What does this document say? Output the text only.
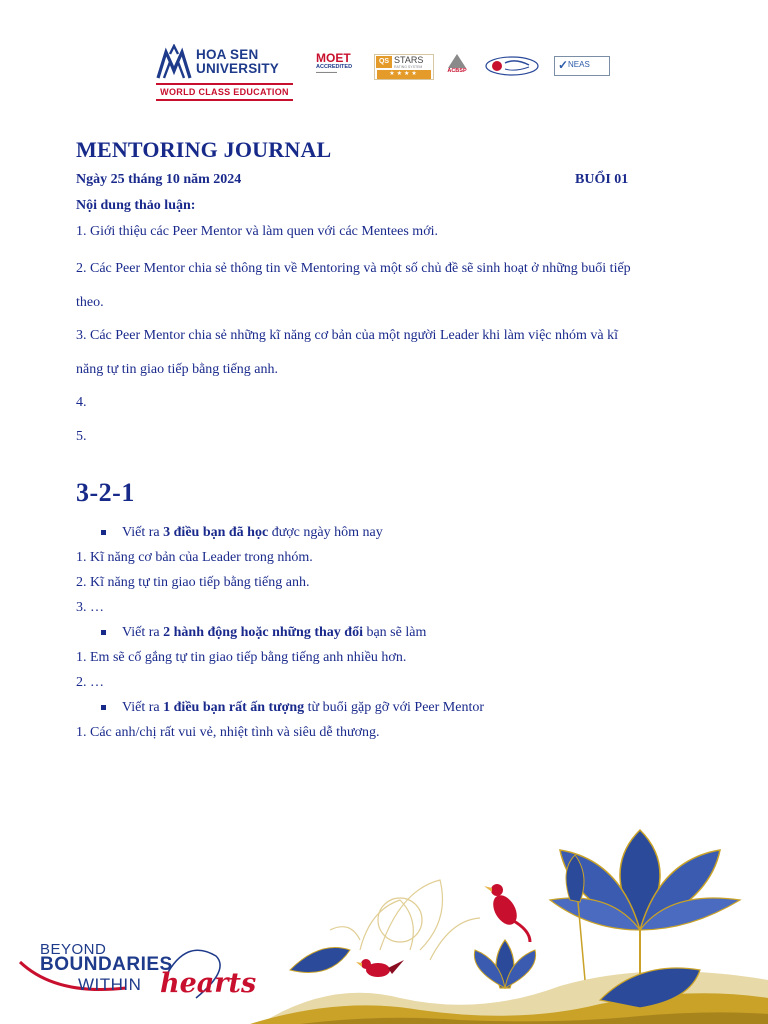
HOA SEN
UNIVERSITY
WORLD CLASS EDUCATION
MOET
ACCREDITED
▬▬▬▬▬▬
QS STARS
RATING SYSTEM
★★★★	ACBSP	✓ NEAS
MENTORING JOURNAL
Ngày 25 tháng 10 năm 2024	BUỔI 01
Nội dung thảo luận:
1. Giới thiệu các Peer Mentor và làm quen với các Mentees mới.
2. Các Peer Mentor chia sẻ thông tin về Mentoring và một số chủ đề sẽ sinh hoạt ở những buổi tiếp
theo.
3. Các Peer Mentor chia sẻ những kĩ năng cơ bản của một người Leader khi làm việc nhóm và kĩ
năng tự tin giao tiếp bằng tiếng anh.
4.
5.
3-2-1
Viết ra 3 điều bạn đã học được ngày hôm nay
1. Kĩ năng cơ bản của Leader trong nhóm.
2. Kĩ năng tự tin giao tiếp bằng tiếng anh.
3. …
Viết ra 2 hành động hoặc những thay đổi bạn sẽ làm
1. Em sẽ cố gắng tự tin giao tiếp bằng tiếng anh nhiều hơn.
2. …
Viết ra 1 điều bạn rất ấn tượng từ buổi gặp gỡ với Peer Mentor
1. Các anh/chị rất vui vẻ, nhiệt tình và siêu dễ thương.
BEYOND
BOUNDARIES
WITHIN hearts
